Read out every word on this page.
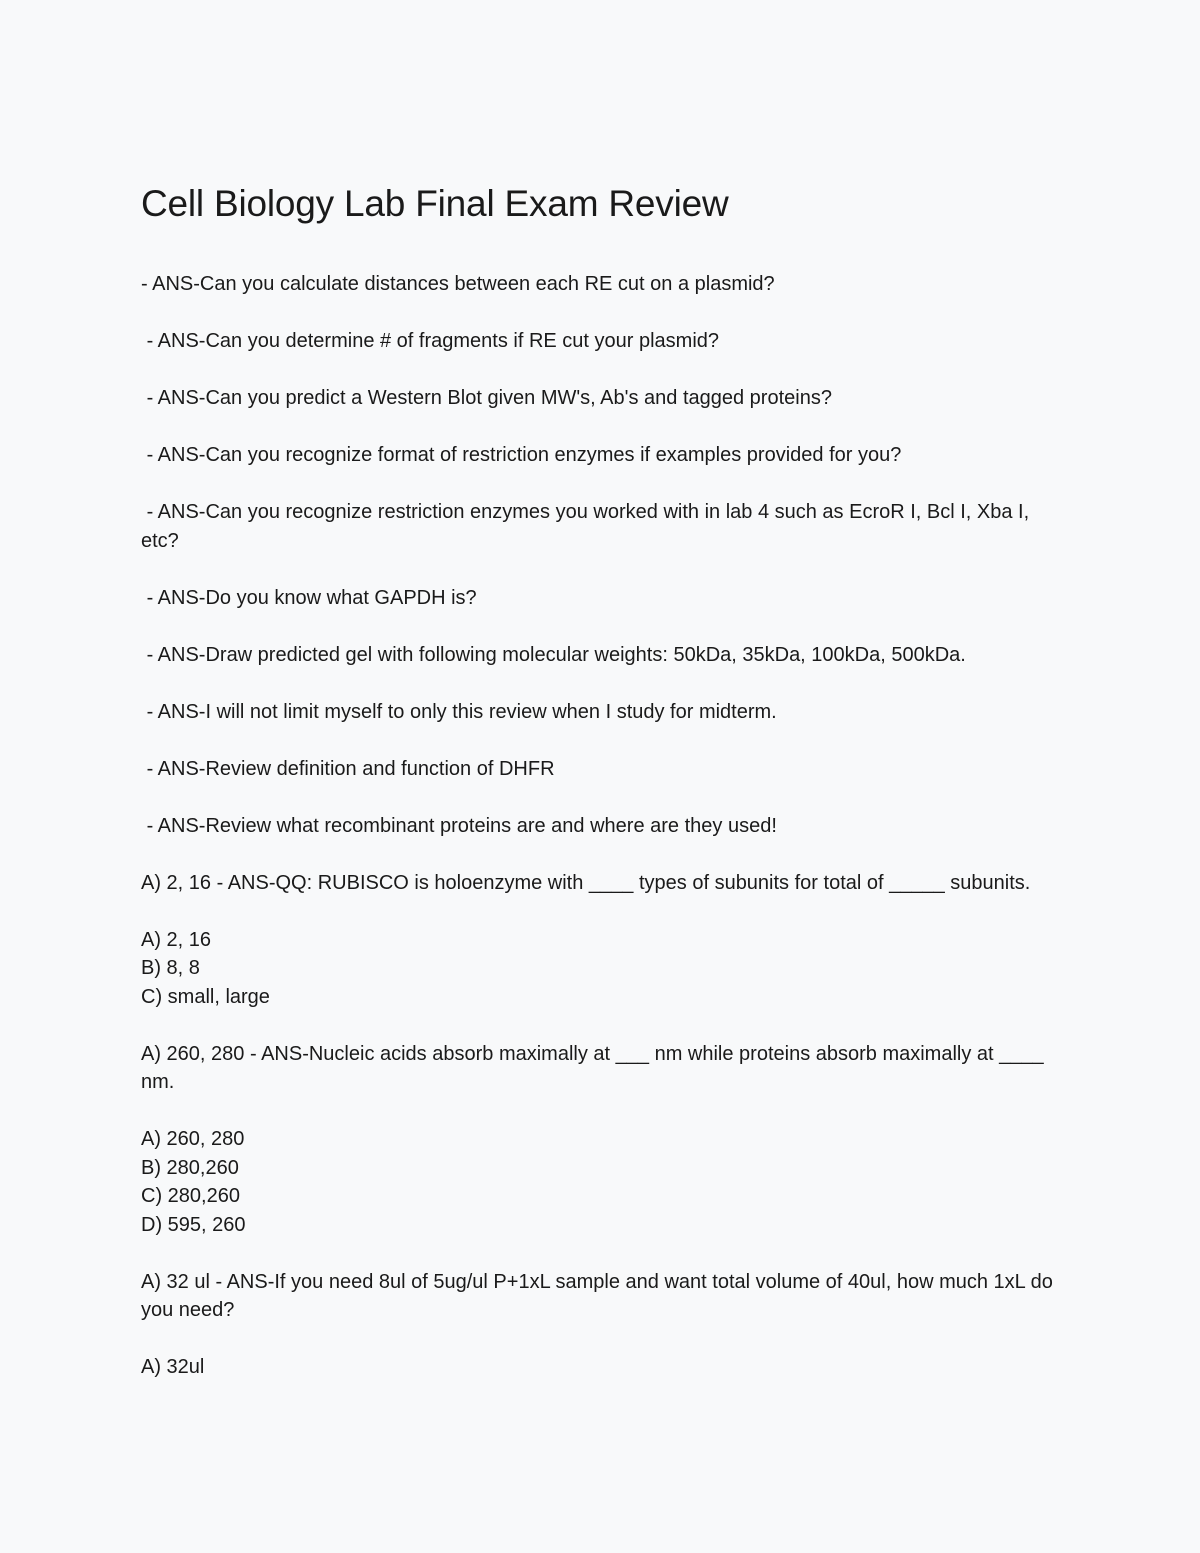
Cell Biology Lab Final Exam Review

- ANS-Can you calculate distances between each RE cut on a plasmid?

- ANS-Can you determine # of fragments if RE cut your plasmid?

- ANS-Can you predict a Western Blot given MW's, Ab's and tagged proteins?

- ANS-Can you recognize format of restriction enzymes if examples provided for you?

- ANS-Can you recognize restriction enzymes you worked with in lab 4 such as EcroR I, Bcl I, Xba I, etc?

- ANS-Do you know what GAPDH is?

- ANS-Draw predicted gel with following molecular weights: 50kDa, 35kDa, 100kDa, 500kDa.

- ANS-I will not limit myself to only this review when I study for midterm.

- ANS-Review definition and function of DHFR

- ANS-Review what recombinant proteins are and where are they used!

A) 2, 16 - ANS-QQ: RUBISCO is holoenzyme with ____ types of subunits for total of _____ subunits.

A) 2, 16
B) 8, 8
C) small, large

A) 260, 280 - ANS-Nucleic acids absorb maximally at ___ nm while proteins absorb maximally at ____ nm.

A) 260, 280
B) 280,260
C) 280,260
D) 595, 260

A) 32 ul - ANS-If you need 8ul of 5ug/ul P+1xL sample and want total volume of 40ul, how much 1xL do you need?

A) 32ul
